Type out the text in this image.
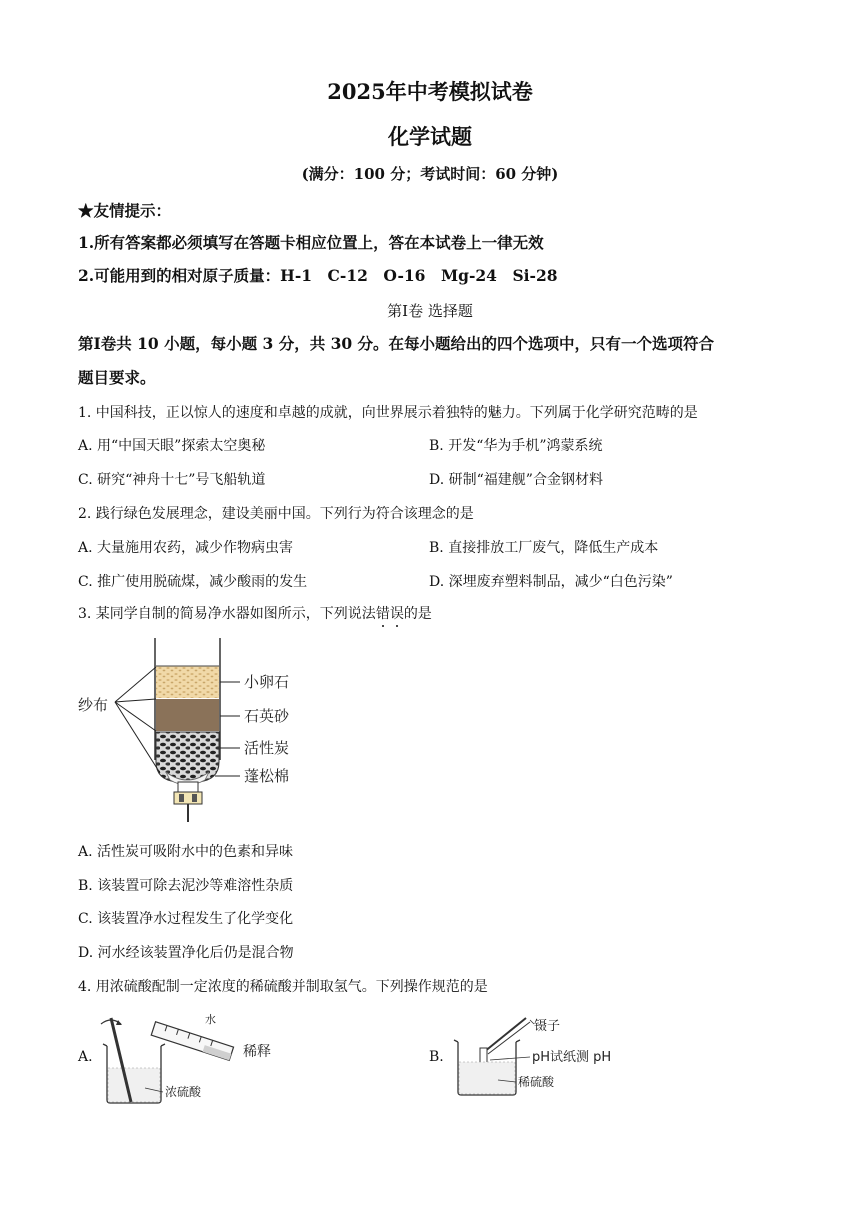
2025年中考模拟试卷
化学试题
(满分：100 分；考试时间：60 分钟)
★友情提示：
1.所有答案都必须填写在答题卡相应位置上，答在本试卷上一律无效
2.可能用到的相对原子质量：H-1　C-12　O-16　Mg-24　Si-28
第Ⅰ卷 选择题
第Ⅰ卷共 10 小题，每小题 3 分，共 30 分。在每小题给出的四个选项中，只有一个选项符合
题目要求。
1. 中国科技，正以惊人的速度和卓越的成就，向世界展示着独特的魅力。下列属于化学研究范畴的是
A. 用“中国天眼”探索太空奥秘	B. 开发“华为手机”鸿蒙系统
C. 研究“神舟十七”号飞船轨道	D. 研制“福建舰”合金钢材料
2. 践行绿色发展理念，建设美丽中国。下列行为符合该理念的是
A. 大量施用农药，减少作物病虫害	B. 直接排放工厂废气，降低生产成本
C. 推广使用脱硫煤，减少酸雨的发生	D. 深埋废弃塑料制品，减少“白色污染”
3. 某同学自制的简易净水器如图所示，下列说法错误的是
纱布
小卵石
石英砂
活性炭
蓬松棉
A. 活性炭可吸附水中的色素和异味
B. 该装置可除去泥沙等难溶性杂质
C. 该装置净水过程发生了化学变化
D. 河水经该装置净化后仍是混合物
4. 用浓硫酸配制一定浓度的稀硫酸并制取氢气。下列操作规范的是
A.
水
稀释
浓硫酸
B.
镊子
pH试纸测 pH
稀硫酸
